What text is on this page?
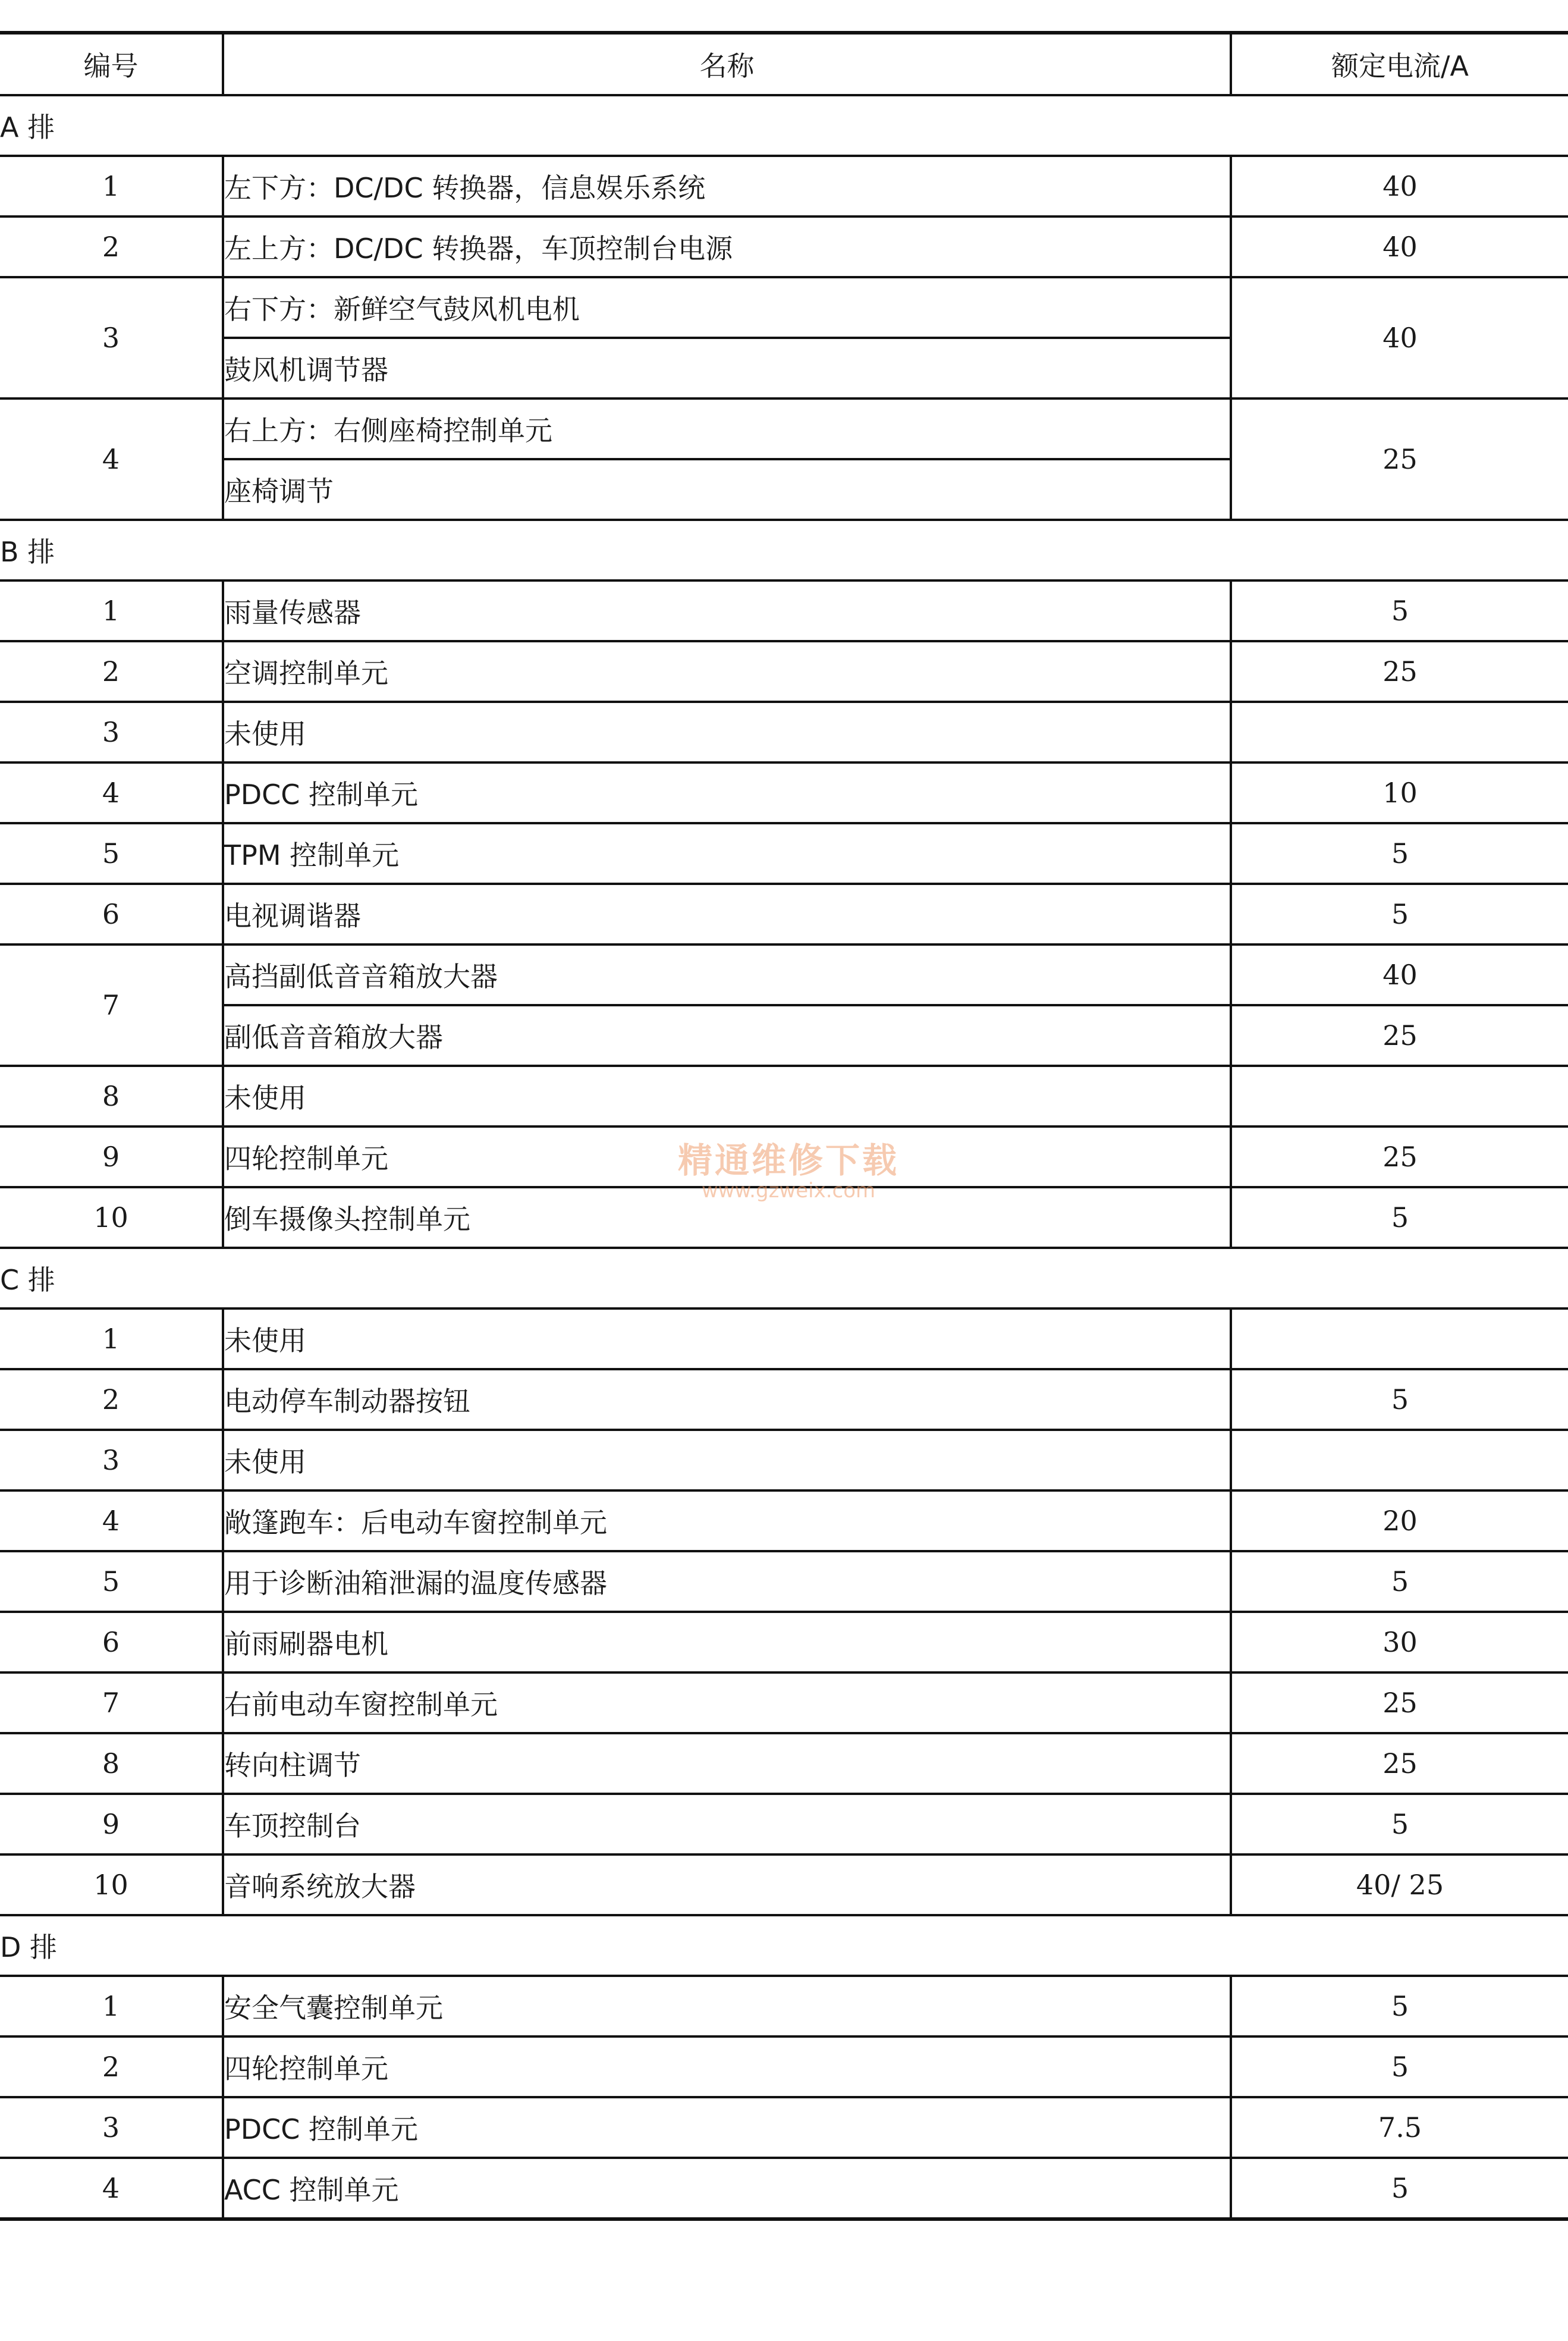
编号	名称	额定电流/A
A 排		
1	左下方：DC/DC 转换器，信息娱乐系统	40
2	左上方：DC/DC 转换器，车顶控制台电源	40
3	右下方：新鲜空气鼓风机电机	40
	鼓风机调节器	
4	右上方：右侧座椅控制单元	25
	座椅调节	
B 排		
1	雨量传感器	5
2	空调控制单元	25
3	未使用	
4	PDCC 控制单元	10
5	TPM 控制单元	5
6	电视调谐器	5
7	高挡副低音音箱放大器	40
	副低音音箱放大器	25
8	未使用	
9	四轮控制单元	25
10	倒车摄像头控制单元	5
C 排		
1	未使用	
2	电动停车制动器按钮	5
3	未使用	
4	敞篷跑车：后电动车窗控制单元	20
5	用于诊断油箱泄漏的温度传感器	5
6	前雨刷器电机	30
7	右前电动车窗控制单元	25
8	转向柱调节	25
9	车顶控制台	5
10	音响系统放大器	40/ 25
D 排		
1	安全气囊控制单元	5
2	四轮控制单元	5
3	PDCC 控制单元	7.5
4	ACC 控制单元	5
精通维修下载
www.gzweix.com
